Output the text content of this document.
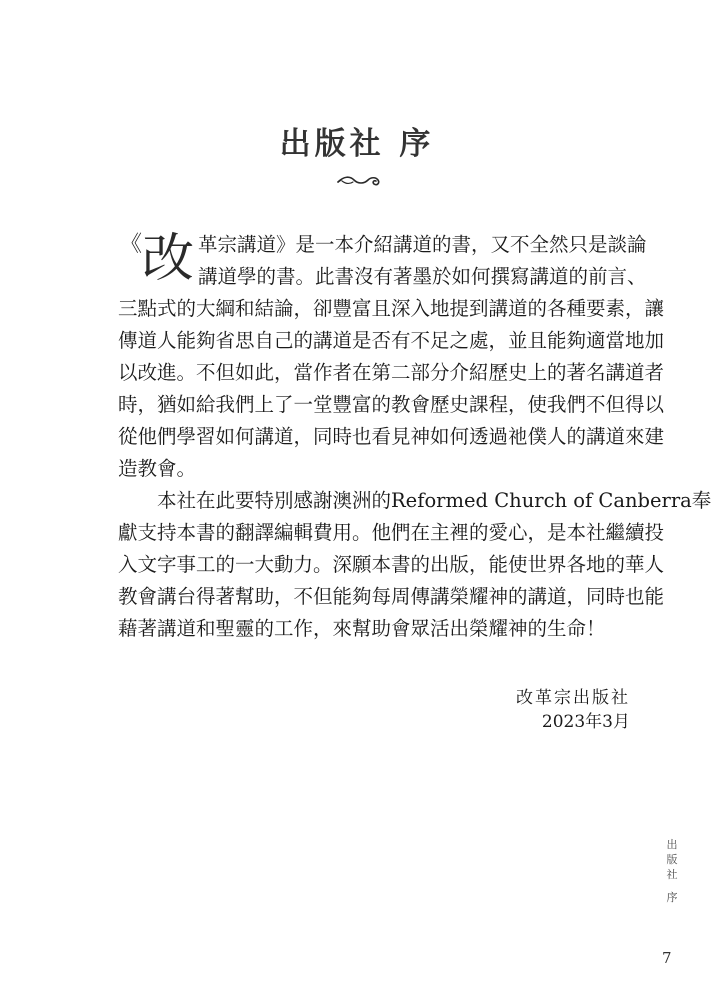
出版社 序
《 改 革宗講道》是一本介紹講道的書，又不全然只是談論
講道學的書。此書沒有著墨於如何撰寫講道的前言、
三點式的大綱和結論，卻豐富且深入地提到講道的各種要素，讓
傳道人能夠省思自己的講道是否有不足之處，並且能夠適當地加
以改進。不但如此，當作者在第二部分介紹歷史上的著名講道者
時，猶如給我們上了一堂豐富的教會歷史課程，使我們不但得以
從他們學習如何講道，同時也看見神如何透過祂僕人的講道來建
造教會。
本社在此要特別感謝澳洲的Reformed Church of Canberra奉
獻支持本書的翻譯編輯費用。他們在主裡的愛心，是本社繼續投
入文字事工的一大動力。深願本書的出版，能使世界各地的華人
教會講台得著幫助，不但能夠每周傳講榮耀神的講道，同時也能
藉著講道和聖靈的工作，來幫助會眾活出榮耀神的生命！
改革宗出版社
2023年3月
出
版
社
序
7
